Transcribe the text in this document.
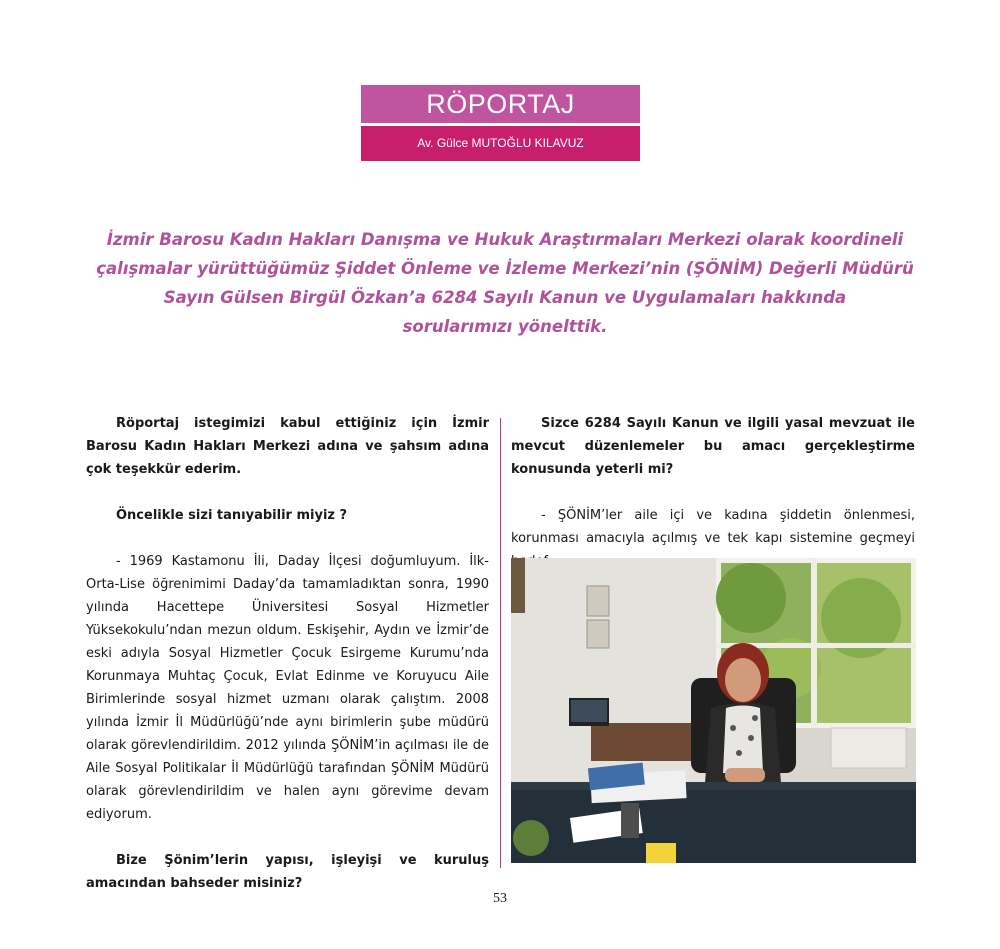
RÖPORTAJ
Av. Gülce MUTOĞLU KILAVUZ
İzmir Barosu Kadın Hakları Danışma ve Hukuk Araştırmaları Merkezi olarak koordineli
çalışmalar yürüttüğümüz Şiddet Önleme ve İzleme Merkezi’nin (ŞÖNİM) Değerli Müdürü
Sayın Gülsen Birgül Özkan’a 6284 Sayılı Kanun ve Uygulamaları hakkında
sorularımızı yönelttik.

Röportaj istegimizi kabul ettiğiniz için İzmir Barosu Kadın Hakları Merkezi adına ve şahsım adına çok teşekkür ederim.

Öncelikle sizi tanıyabilir miyiz ?

- 1969 Kastamonu İli, Daday İlçesi doğumluyum. İlk-Orta-Lise öğrenimimi Daday’da tamamladıktan sonra, 1990 yılında Hacettepe Üniversitesi Sosyal Hizmetler Yüksekokulu’ndan mezun oldum. Eskişehir, Aydın ve İzmir’de eski adıyla Sosyal Hizmetler Çocuk Esirgeme Kurumu’nda Korunmaya Muhtaç Çocuk, Evlat Edinme ve Koruyucu Aile Birimlerinde sosyal hizmet uzmanı olarak çalıştım. 2008 yılında İzmir İl Müdürlüğü’nde aynı birimlerin şube müdürü olarak görevlendirildim. 2012 yılında ŞÖNİM’in açılması ile de Aile Sosyal Politikalar İl Müdürlüğü tarafından ŞÖNİM Müdürü olarak görevlendirildim ve halen aynı görevime devam ediyorum.

Bize Şönim’lerin yapısı, işleyişi ve kuruluş amacından bahseder misiniz?

Sizce 6284 Sayılı Kanun ve ilgili yasal mevzuat ile mevcut düzenlemeler bu amacı gerçekleştirme konusunda yeterli mi?

- ŞÖNİM’ler aile içi ve kadına şiddetin önlenmesi, korunması amacıyla açılmış ve tek kapı sistemine geçmeyi

53
